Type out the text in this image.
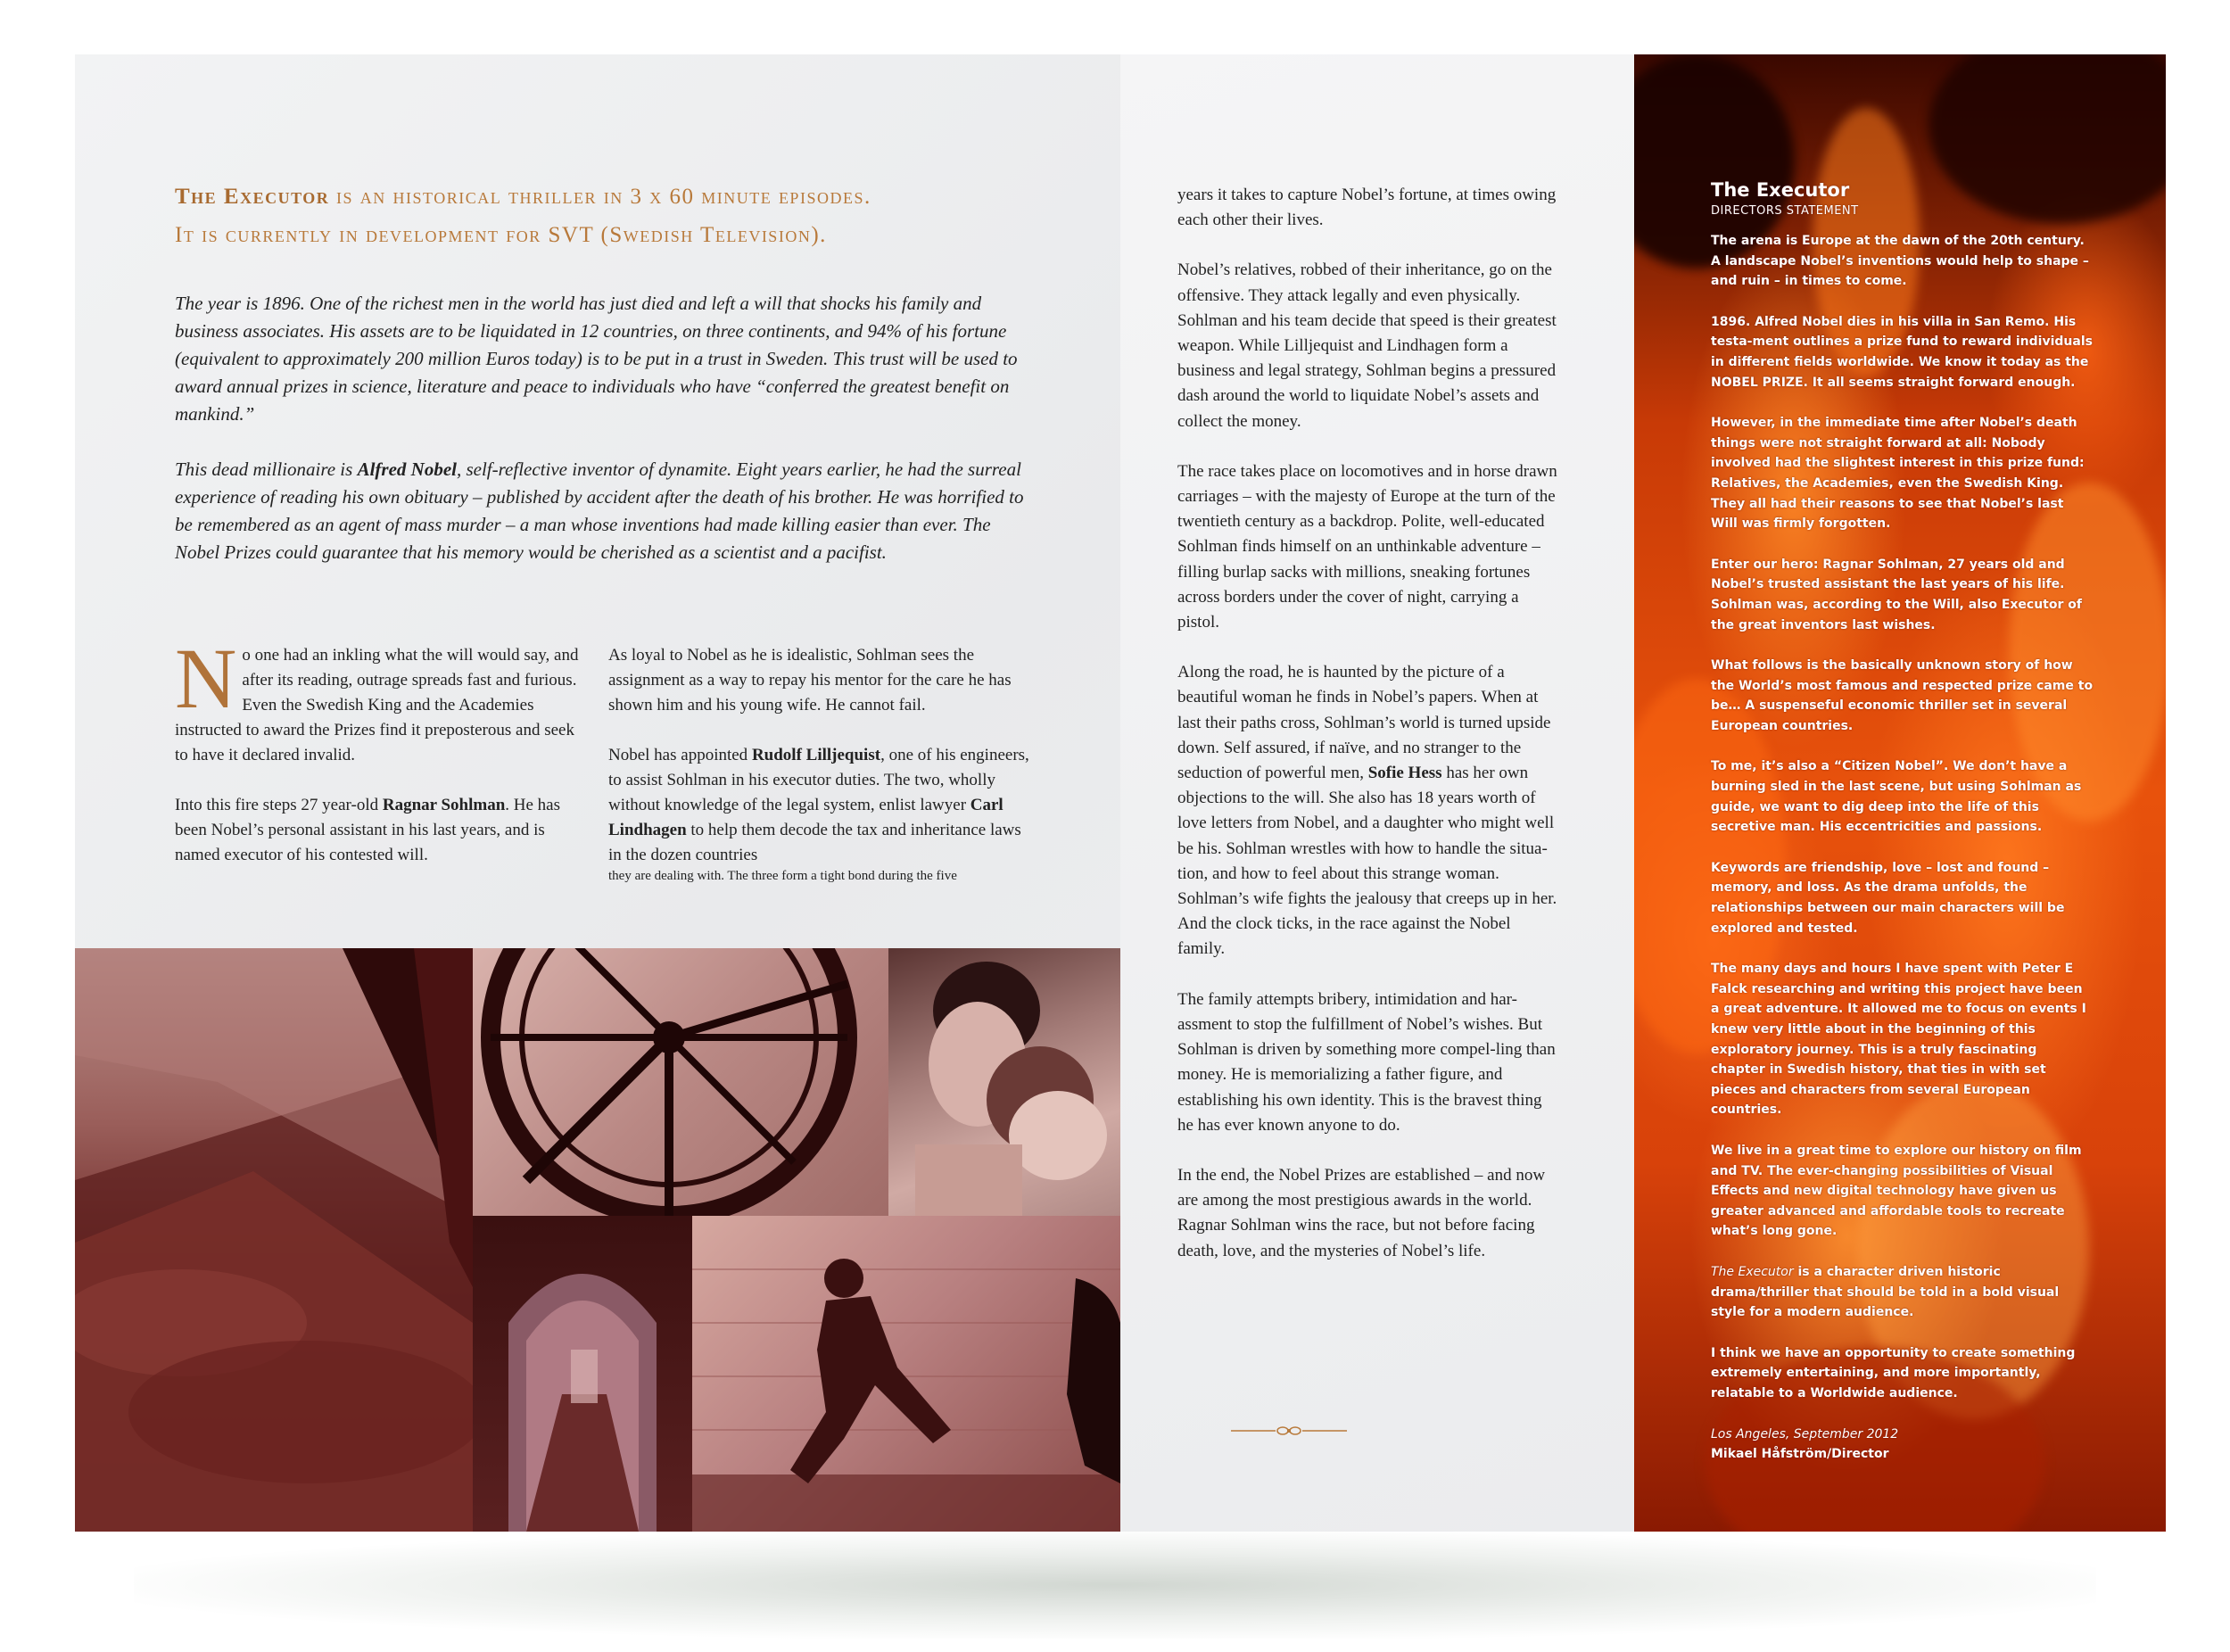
The Executor is an historical thriller in 3 x 60 minute episodes.
It is currently in development for SVT (Swedish Television).

The year is 1896. One of the richest men in the world has just died and left a will that shocks his family and business associates. His assets are to be liquidated in 12 countries, on three continents, and 94% of his fortune (equivalent to approximately 200 million Euros today) is to be put in a trust in Sweden. This trust will be used to award annual prizes in science, literature and peace to individuals who have “conferred the greatest benefit on mankind.”

This dead millionaire is Alfred Nobel, self-reflective inventor of dynamite. Eight years earlier, he had the surreal experience of reading his own obituary – published by accident after the death of his brother. He was horrified to be remembered as an agent of mass murder – a man whose inventions had made killing easier than ever. The Nobel Prizes could guarantee that his memory would be cherished as a scientist and a pacifist.

No one had an inkling what the will would say, and after its reading, outrage spreads fast and furious. Even the Swedish King and the Academies instructed to award the Prizes find it preposterous and seek to have it declared invalid.

Into this fire steps 27 year-old Ragnar Sohlman. He has been Nobel’s personal assistant in his last years, and is named executor of his contested will.

As loyal to Nobel as he is idealistic, Sohlman sees the assignment as a way to repay his mentor for the care he has shown him and his young wife. He cannot fail.

Nobel has appointed Rudolf Lilljequist, one of his engineers, to assist Sohlman in his executor duties. The two, wholly without knowledge of the legal system, enlist lawyer Carl Lindhagen to help them decode the tax and inheritance laws in the dozen countries

they are dealing with. The three form a tight bond during the five

years it takes to capture Nobel’s fortune, at times owing each other their lives.

Nobel’s relatives, robbed of their inheritance, go on the offensive. They attack legally and even physically. Sohlman and his team decide that speed is their greatest weapon. While Lilljequist and Lindhagen form a business and legal strategy, Sohlman begins a pressured dash around the world to liquidate Nobel’s assets and collect the money.

The race takes place on locomotives and in horse drawn carriages – with the majesty of Europe at the turn of the twentieth century as a backdrop. Polite, well-educated Sohlman finds himself on an unthinkable adventure – filling burlap sacks with millions, sneaking fortunes across borders under the cover of night, carrying a pistol.

Along the road, he is haunted by the picture of a beautiful woman he finds in Nobel’s papers. When at last their paths cross, Sohlman’s world is turned upside down. Self assured, if naïve, and no stranger to the seduction of powerful men, Sofie Hess has her own objections to the will. She also has 18 years worth of love letters from Nobel, and a daughter who might well be his. Sohlman wrestles with how to handle the situa-tion, and how to feel about this strange woman. Sohlman’s wife fights the jealousy that creeps up in her. And the clock ticks, in the race against the Nobel family.

The family attempts bribery, intimidation and har-assment to stop the fulfillment of Nobel’s wishes. But Sohlman is driven by something more compel-ling than money. He is memorializing a father figure, and establishing his own identity. This is the bravest thing he has ever known anyone to do.

In the end, the Nobel Prizes are established – and now are among the most prestigious awards in the world. Ragnar Sohlman wins the race, but not before facing death, love, and the mysteries of Nobel’s life.

The Executor

DIRECTORS STATEMENT

The arena is Europe at the dawn of the 20th century. A landscape Nobel’s inventions would help to shape – and ruin – in times to come.

1896. Alfred Nobel dies in his villa in San Remo. His testa-ment outlines a prize fund to reward individuals in different fields worldwide. We know it today as the NOBEL PRIZE. It all seems straight forward enough.

However, in the immediate time after Nobel’s death things were not straight forward at all: Nobody involved had the slightest interest in this prize fund: Relatives, the Academies, even the Swedish King. They all had their reasons to see that Nobel’s last Will was firmly forgotten.

Enter our hero: Ragnar Sohlman, 27 years old and Nobel’s trusted assistant the last years of his life. Sohlman was, according to the Will, also Executor of the great inventors last wishes.

What follows is the basically unknown story of how the World’s most famous and respected prize came to be… A suspenseful economic thriller set in several European countries.

To me, it’s also a “Citizen Nobel”. We don’t have a burning sled in the last scene, but using Sohlman as guide, we want to dig deep into the life of this secretive man. His eccentricities and passions.

Keywords are friendship, love – lost and found – memory, and loss. As the drama unfolds, the relationships between our main characters will be explored and tested.

The many days and hours I have spent with Peter E Falck researching and writing this project have been a great adventure. It allowed me to focus on events I knew very little about in the beginning of this exploratory journey. This is a truly fascinating chapter in Swedish history, that ties in with set pieces and characters from several European countries.

We live in a great time to explore our history on film and TV. The ever-changing possibilities of Visual Effects and new digital technology have given us greater advanced and affordable tools to recreate what’s long gone.

The Executor is a character driven historic drama/thriller that should be told in a bold visual style for a modern audience.

I think we have an opportunity to create something extremely entertaining, and more importantly, relatable to a Worldwide audience.

Los Angeles, September 2012
Mikael Håfström/Director
